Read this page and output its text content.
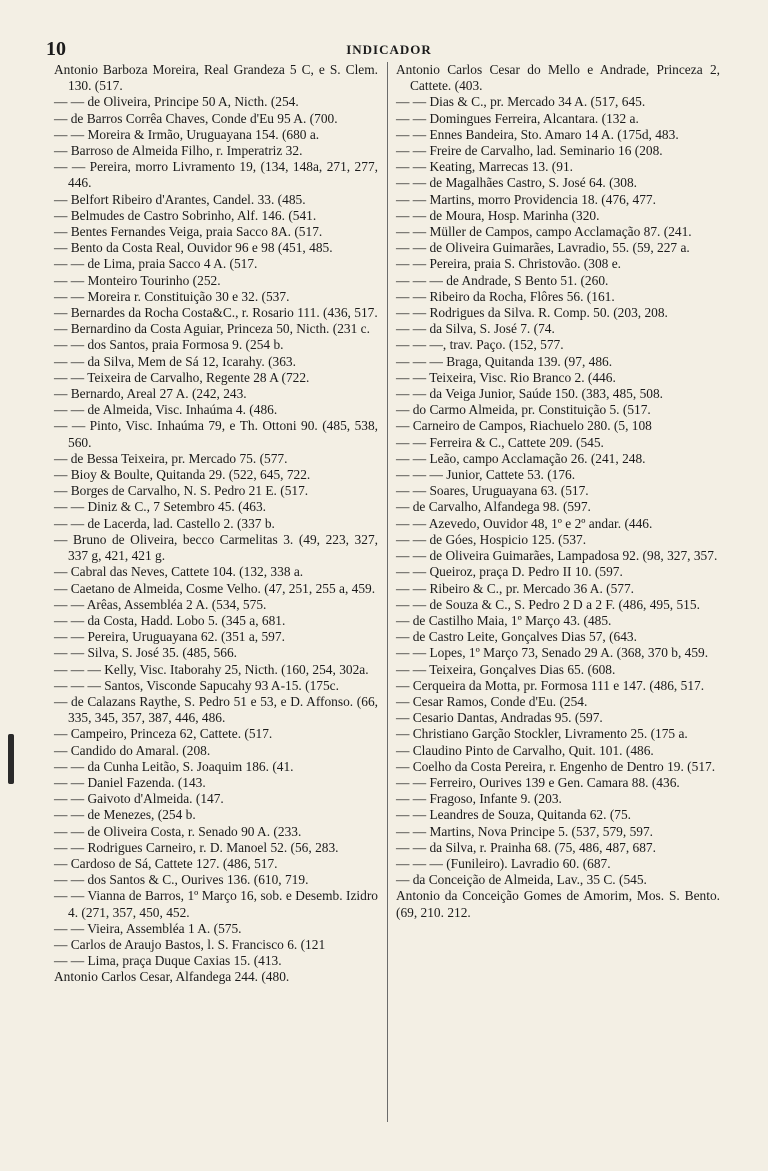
10	INDICADOR

Antonio Barboza Moreira, Real Grandeza 5 C, e S. Clem. 130. (517.

— — de Oliveira, Principe 50 A, Nicth. (254.

— de Barros Corrêa Chaves, Conde d'Eu 95 A. (700.

— — Moreira & Irmão, Uruguayana 154. (680 a.

— Barroso de Almeida Filho, r. Imperatriz 32.

— — Pereira, morro Livramento 19, (134, 148a, 271, 277, 446.

— Belfort Ribeiro d'Arantes, Candel. 33. (485.

— Belmudes de Castro Sobrinho, Alf. 146. (541.

— Bentes Fernandes Veiga, praia Sacco 8A. (517.

— Bento da Costa Real, Ouvidor 96 e 98 (451, 485.

— — de Lima, praia Sacco 4 A. (517.

— — Monteiro Tourinho (252.

— — Moreira r. Constituição 30 e 32. (537.

— Bernardes da Rocha Costa&C., r. Rosario 111. (436, 517.

— Bernardino da Costa Aguiar, Princeza 50, Nicth. (231 c.

— — dos Santos, praia Formosa 9. (254 b.

— — da Silva, Mem de Sá 12, Icarahy. (363.

— — Teixeira de Carvalho, Regente 28 A (722.

— Bernardo, Areal 27 A. (242, 243.

— — de Almeida, Visc. Inhaúma 4. (486.

— — Pinto, Visc. Inhaúma 79, e Th. Ottoni 90. (485, 538, 560.

— de Bessa Teixeira, pr. Mercado 75. (577.

— Bioy & Boulte, Quitanda 29. (522, 645, 722.

— Borges de Carvalho, N. S. Pedro 21 E. (517.

— — Diniz & C., 7 Setembro 45. (463.

— — de Lacerda, lad. Castello 2. (337 b.

— Bruno de Oliveira, becco Carmelitas 3. (49, 223, 327, 337 g, 421, 421 g.

— Cabral das Neves, Cattete 104. (132, 338 a.

— Caetano de Almeida, Cosme Velho. (47, 251, 255 a, 459.

— — Arêas, Assembléa 2 A. (534, 575.

— — da Costa, Hadd. Lobo 5. (345 a, 681.

— — Pereira, Uruguayana 62. (351 a, 597.

— — Silva, S. José 35. (485, 566.

— — — Kelly, Visc. Itaborahy 25, Nicth. (160, 254, 302a.

— — — Santos, Visconde Sapucahy 93 A-15. (175c.

— de Calazans Raythe, S. Pedro 51 e 53, e D. Affonso. (66, 335, 345, 357, 387, 446, 486.

— Campeiro, Princeza 62, Cattete. (517.

— Candido do Amaral. (208.

— — da Cunha Leitão, S. Joaquim 186. (41.

— — Daniel Fazenda. (143.

— — Gaivoto d'Almeida. (147.

— — de Menezes, (254 b.

— — de Oliveira Costa, r. Senado 90 A. (233.

— — Rodrigues Carneiro, r. D. Manoel 52. (56, 283.

— Cardoso de Sá, Cattete 127. (486, 517.

— — dos Santos & C., Ourives 136. (610, 719.

— — Vianna de Barros, 1º Março 16, sob. e Desemb. Izidro 4. (271, 357, 450, 452.

— — Vieira, Assembléa 1 A. (575.

— Carlos de Araujo Bastos, l. S. Francisco 6. (121

— — Lima, praça Duque Caxias 15. (413.

Antonio Carlos Cesar, Alfandega 244. (480.

Antonio Carlos Cesar do Mello e Andrade, Princeza 2, Cattete. (403.

— — Dias & C., pr. Mercado 34 A. (517, 645.

— — Domingues Ferreira, Alcantara. (132 a.

— — Ennes Bandeira, Sto. Amaro 14 A. (175d, 483.

— — Freire de Carvalho, lad. Seminario 16 (208.

— — Keating, Marrecas 13. (91.

— — de Magalhães Castro, S. José 64. (308.

— — Martins, morro Providencia 18. (476, 477.

— — de Moura, Hosp. Marinha (320.

— — Müller de Campos, campo Acclamação 87. (241.

— — de Oliveira Guimarães, Lavradio, 55. (59, 227 a.

— — Pereira, praia S. Christovão. (308 e.

— — — de Andrade, S Bento 51. (260.

— — Ribeiro da Rocha, Flôres 56. (161.

— — Rodrigues da Silva. R. Comp. 50. (203, 208.

— — da Silva, S. José 7. (74.

— — —, trav. Paço. (152, 577.

— — — Braga, Quitanda 139. (97, 486.

— — Teixeira, Visc. Rio Branco 2. (446.

— — da Veiga Junior, Saúde 150. (383, 485, 508.

— do Carmo Almeida, pr. Constituição 5. (517.

— Carneiro de Campos, Riachuelo 280. (5, 108

— — Ferreira & C., Cattete 209. (545.

— — Leão, campo Acclamação 26. (241, 248.

— — — Junior, Cattete 53. (176.

— — Soares, Uruguayana 63. (517.

— de Carvalho, Alfandega 98. (597.

— — Azevedo, Ouvidor 48, 1º e 2º andar. (446.

— — de Góes, Hospicio 125. (537.

— — de Oliveira Guimarães, Lampadosa 92. (98, 327, 357.

— — Queiroz, praça D. Pedro II 10. (597.

— — Ribeiro & C., pr. Mercado 36 A. (577.

— — de Souza & C., S. Pedro 2 D a 2 F. (486, 495, 515.

— de Castilho Maia, 1º Março 43. (485.

— de Castro Leite, Gonçalves Dias 57, (643.

— — Lopes, 1º Março 73, Senado 29 A. (368, 370 b, 459.

— — Teixeira, Gonçalves Dias 65. (608.

— Cerqueira da Motta, pr. Formosa 111 e 147. (486, 517.

— Cesar Ramos, Conde d'Eu. (254.

— Cesario Dantas, Andradas 95. (597.

— Christiano Garção Stockler, Livramento 25. (175 a.

— Claudino Pinto de Carvalho, Quit. 101. (486.

— Coelho da Costa Pereira, r. Engenho de Dentro 19. (517.

— — Ferreiro, Ourives 139 e Gen. Camara 88. (436.

— — Fragoso, Infante 9. (203.

— — Leandres de Souza, Quitanda 62. (75.

— — Martins, Nova Principe 5. (537, 579, 597.

— — da Silva, r. Prainha 68. (75, 486, 487, 687.

— — — (Funileiro). Lavradio 60. (687.

— da Conceição de Almeida, Lav., 35 C. (545.

Antonio da Conceição Gomes de Amorim, Mos. S. Bento. (69, 210. 212.
